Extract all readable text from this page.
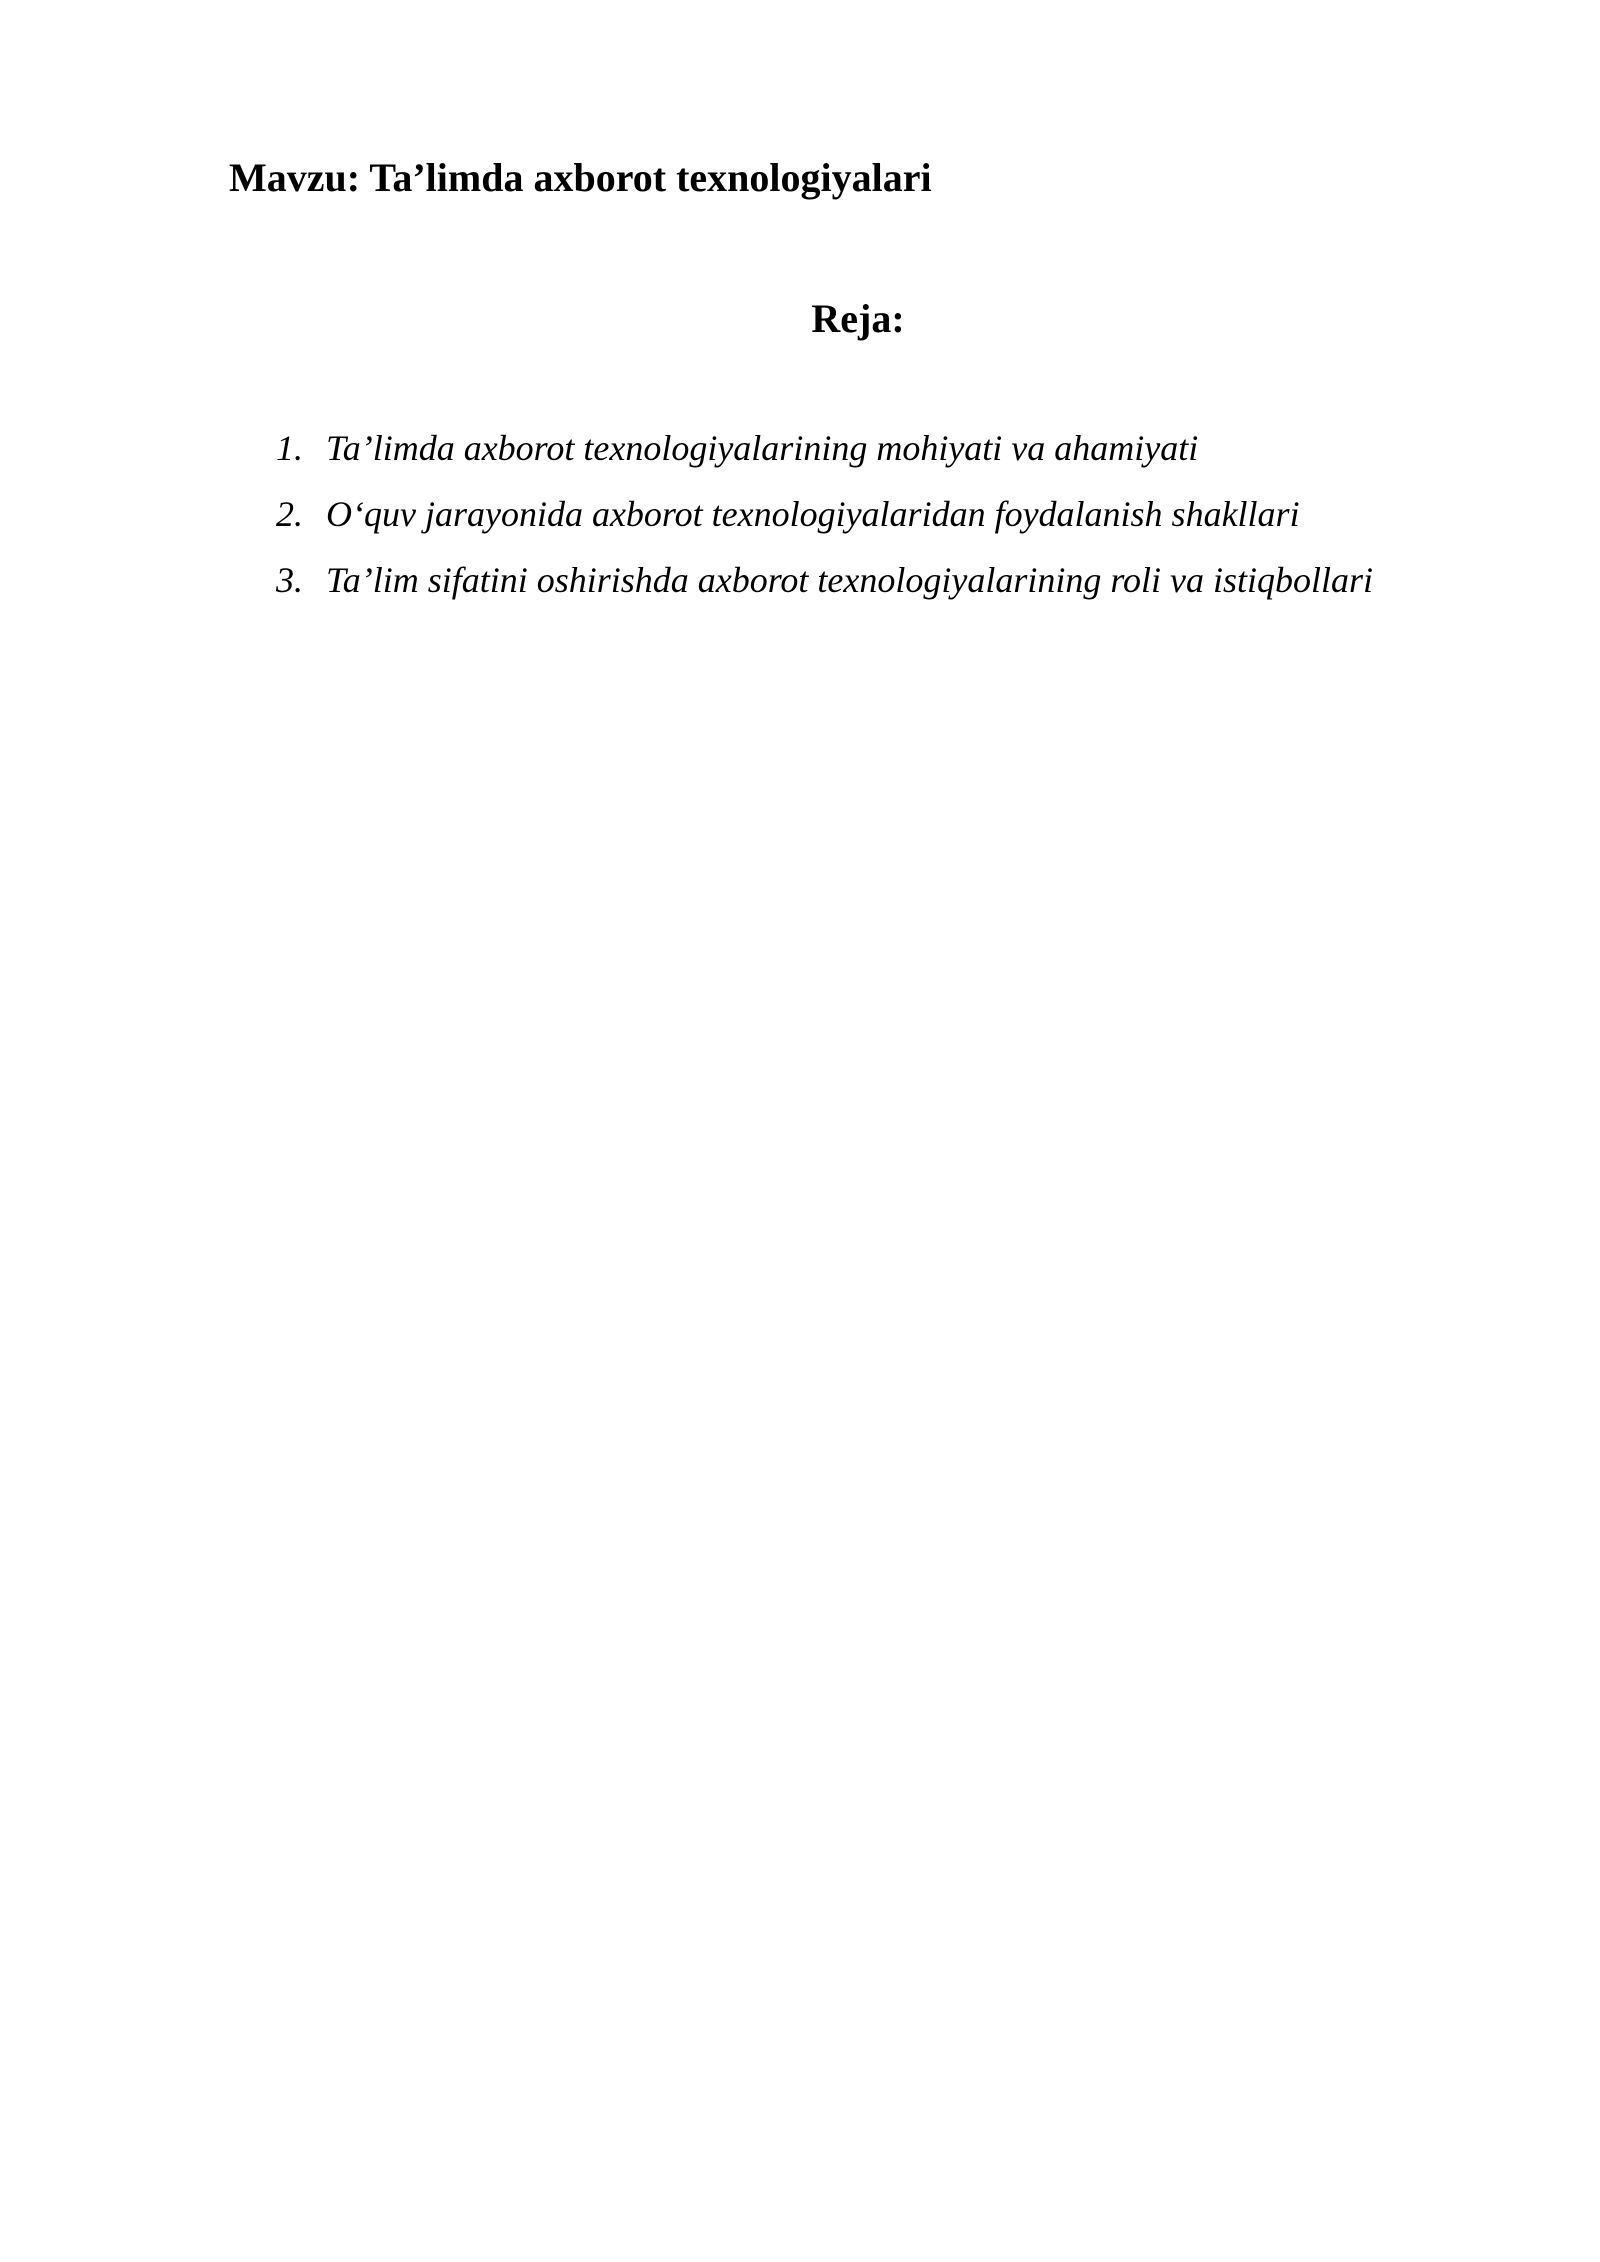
Mavzu: Ta’limda axborot texnologiyalari
Reja:
1. Ta’limda axborot texnologiyalarining mohiyati va ahamiyati
2. O‘quv jarayonida axborot texnologiyalaridan foydalanish shakllari
3. Ta’lim sifatini oshirishda axborot texnologiyalarining roli va istiqbollari
